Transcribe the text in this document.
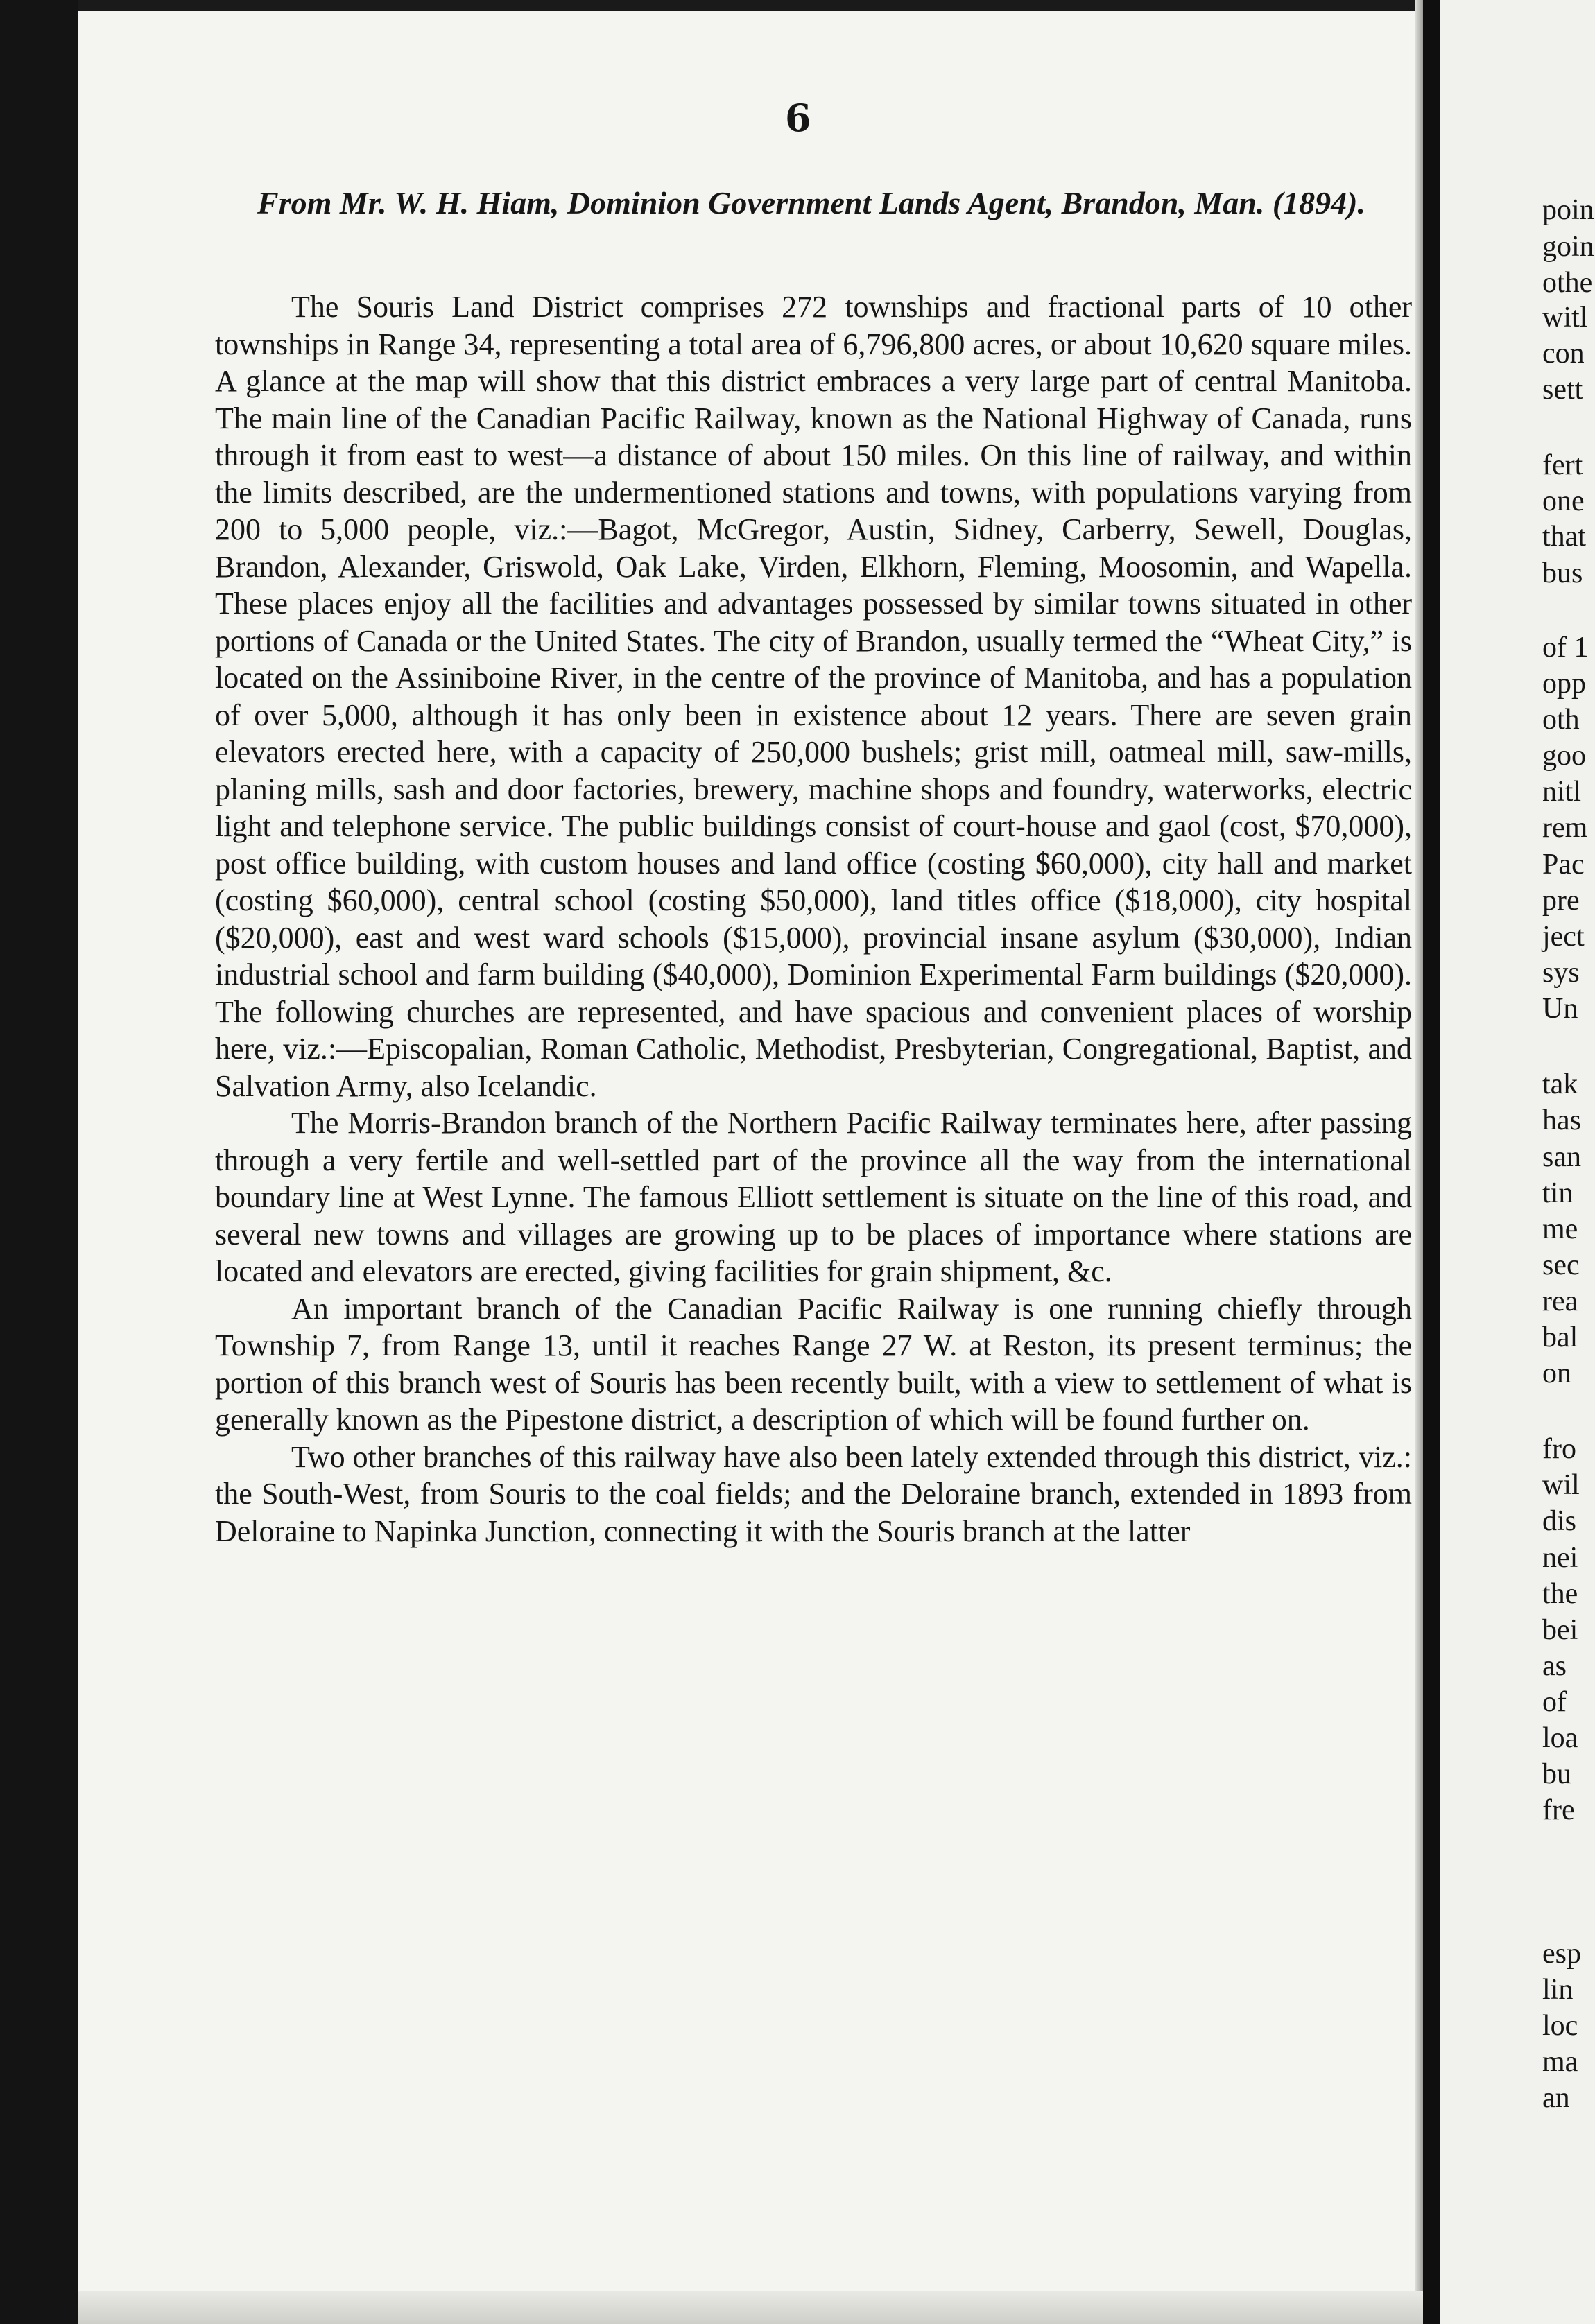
6
From Mr. W. H. Hiam, Dominion Government Lands Agent, Brandon, Man. (1894).

The Souris Land District comprises 272 townships and fractional parts of 10 other townships in Range 34, representing a total area of 6,796,800 acres, or about 10,620 square miles. A glance at the map will show that this district embraces a very large part of central Manitoba. The main line of the Canadian Pacific Railway, known as the National Highway of Canada, runs through it from east to west—a distance of about 150 miles. On this line of railway, and within the limits described, are the undermentioned stations and towns, with populations varying from 200 to 5,000 people, viz.:—Bagot, McGregor, Austin, Sidney, Carberry, Sewell, Douglas, Brandon, Alexander, Griswold, Oak Lake, Virden, Elkhorn, Fleming, Moosomin, and Wapella. These places enjoy all the facilities and advantages possessed by similar towns situated in other portions of Canada or the United States. The city of Brandon, usually termed the “Wheat City,” is located on the Assiniboine River, in the centre of the province of Manitoba, and has a population of over 5,000, although it has only been in existence about 12 years. There are seven grain elevators erected here, with a capacity of 250,000 bushels; grist mill, oatmeal mill, saw-mills, planing mills, sash and door factories, brewery, machine shops and foundry, waterworks, electric light and telephone service. The public buildings consist of court-house and gaol (cost, $70,000), post office building, with custom houses and land office (costing $60,000), city hall and market (costing $60,000), central school (costing $50,000), land titles office ($18,000), city hospital ($20,000), east and west ward schools ($15,000), provincial insane asylum ($30,000), Indian industrial school and farm building ($40,000), Dominion Experimental Farm buildings ($20,000). The following churches are represented, and have spacious and convenient places of worship here, viz.:—Episcopalian, Roman Catholic, Methodist, Presbyterian, Congregational, Baptist, and Salvation Army, also Icelandic.

The Morris-Brandon branch of the Northern Pacific Railway terminates here, after passing through a very fertile and well-settled part of the province all the way from the international boundary line at West Lynne. The famous Elliott settlement is situate on the line of this road, and several new towns and villages are growing up to be places of importance where stations are located and elevators are erected, giving facilities for grain shipment, &c.

An important branch of the Canadian Pacific Railway is one running chiefly through Township 7, from Range 13, until it reaches Range 27 W. at Reston, its present terminus; the portion of this branch west of Souris has been recently built, with a view to settlement of what is generally known as the Pipestone district, a description of which will be found further on.

Two other branches of this railway have also been lately extended through this district, viz.: the South-West, from Souris to the coal fields; and the Deloraine branch, extended in 1893 from Deloraine to Napinka Junction, connecting it with the Souris branch at the latter

poin
goin
othe
witl
con
sett
fert
one
that
bus
of 1
opp
oth
goo
nitl
rem
Pac
pre
ject
sys
Un
tak
has
san
tin
me
sec
rea
bal
on
fro
wil
dis
nei
the
bei
as
of
loa
bu
fre
esp
lin
loc
ma
an
